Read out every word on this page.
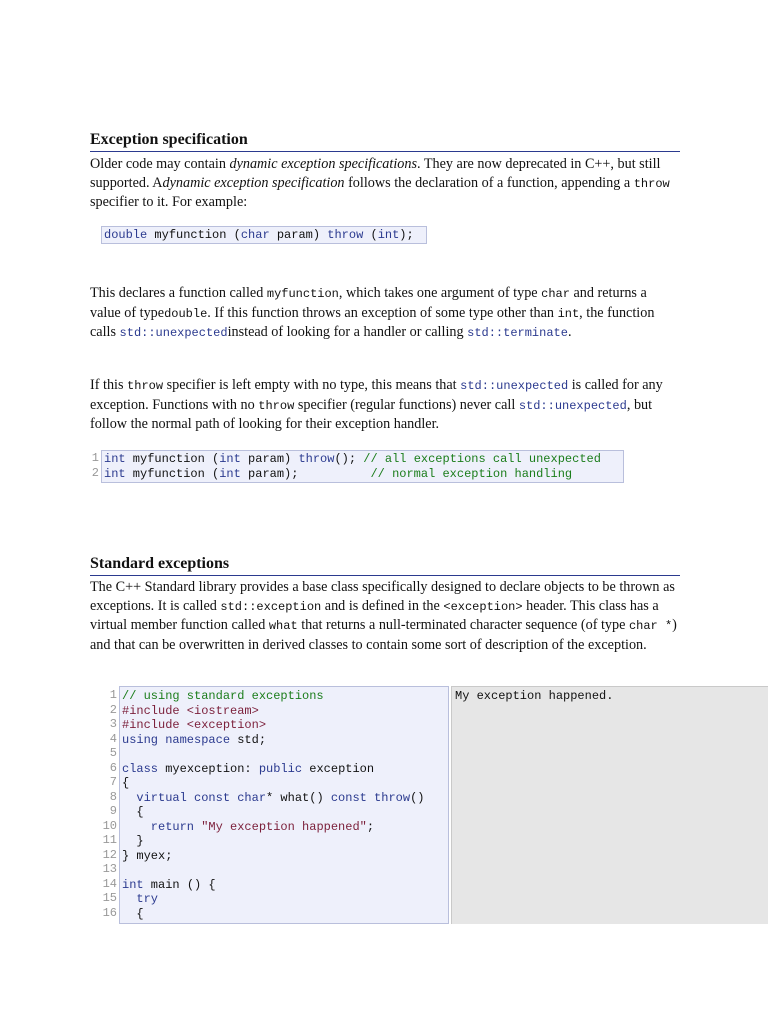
Exception specification

Older code may contain dynamic exception specifications. They are now deprecated in C++, but still supported. Adynamic exception specification follows the declaration of a function, appending a throw specifier to it. For example:

double myfunction (char param) throw (int);

This declares a function called myfunction, which takes one argument of type char and returns a value of typedouble. If this function throws an exception of some type other than int, the function calls std::unexpectedinstead of looking for a handler or calling std::terminate.

If this throw specifier is left empty with no type, this means that std::unexpected is called for any exception. Functions with no throw specifier (regular functions) never call std::unexpected, but follow the normal path of looking for their exception handler.

1
2
int myfunction (int param) throw(); // all exceptions call unexpected
int myfunction (int param);          // normal exception handling
Standard exceptions

The C++ Standard library provides a base class specifically designed to declare objects to be thrown as exceptions. It is called std::exception and is defined in the <exception> header. This class has a virtual member function called what that returns a null-terminated character sequence (of type char *) and that can be overwritten in derived classes to contain some sort of description of the exception.

1
2
3
4
5
6
7
8
9
10
11
12
13
14
15
16
// using standard exceptions
#include <iostream>
#include <exception>
using namespace std;

class myexception: public exception
{
virtual const char* what() const throw()
{
return "My exception happened";
}
} myex;

int main () {
try
{
My exception happened.
